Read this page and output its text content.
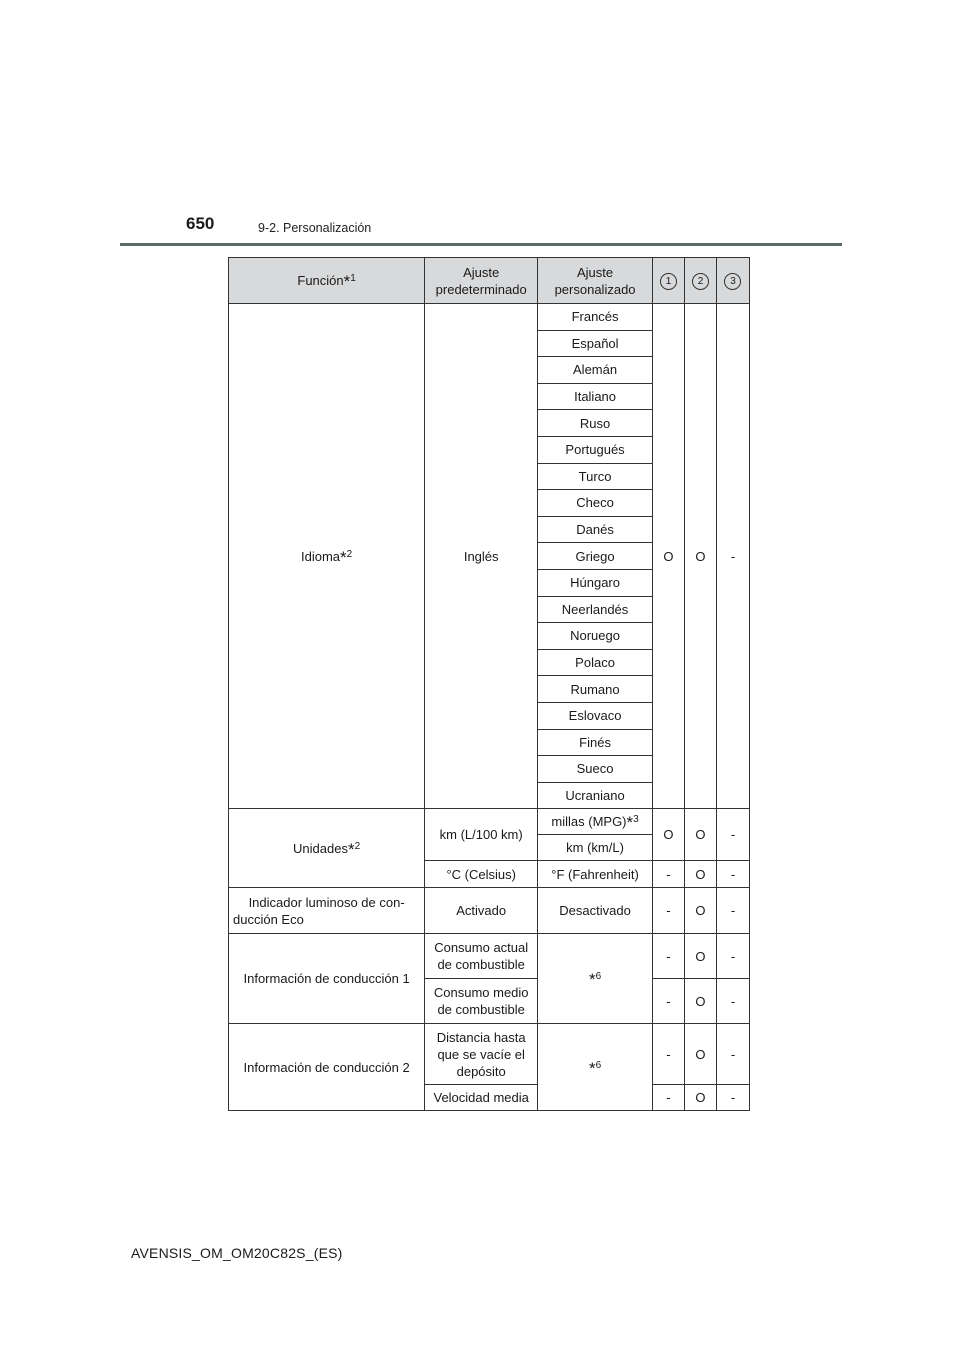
650	9-2. Personalización
Función$^{*^1}$	Ajuste predeterminado	Ajuste personalizado	1	2	3
Idioma$^{*^2}$	Inglés	Francés	O	O	-
		Español			
		Alemán			
		Italiano			
		Ruso			
		Portugués			
		Turco			
		Checo			
		Danés			
		Griego			
		Húngaro			
		Neerlandés			
		Noruego			
		Polaco			
		Rumano			
		Eslovaco			
		Finés			
		Sueco			
		Ucraniano			
Unidades$^{*^2}$	km (L/100 km)	millas (MPG)$^{*^3}$	O	O	-
		km (km/L)			
	°C (Celsius)	°F (Fahrenheit)	-	O	-
Indicador luminoso de con-ducción Eco	Activado	Desactivado	-	O	-
Información de conducción 1	Consumo actual de combustible	$^{*^6}$	-	O	-
	Consumo medio de combustible		-	O	-
Información de conducción 2	Distancia hasta que se vacíe el depósito	$^{*^6}$	-	O	-
	Velocidad media		-	O	-
AVENSIS_OM_OM20C82S_(ES)
